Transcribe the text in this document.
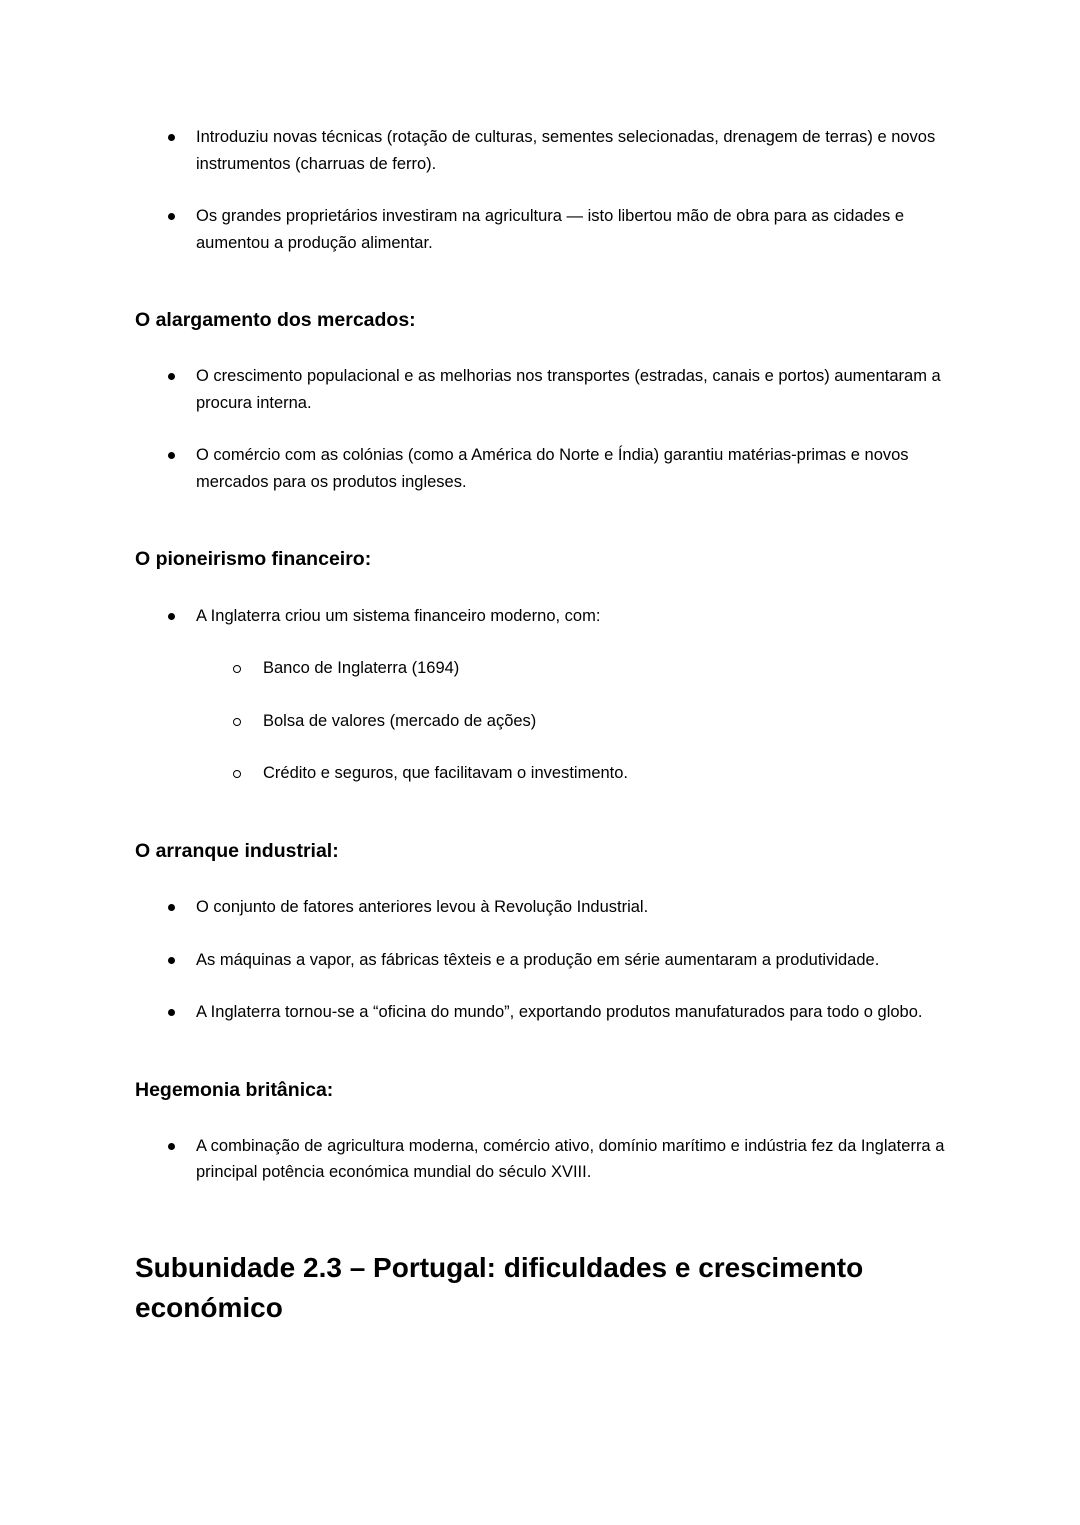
Introduziu novas técnicas (rotação de culturas, sementes selecionadas, drenagem de terras) e novos instrumentos (charruas de ferro).
Os grandes proprietários investiram na agricultura — isto libertou mão de obra para as cidades e aumentou a produção alimentar.
O alargamento dos mercados:
O crescimento populacional e as melhorias nos transportes (estradas, canais e portos) aumentaram a procura interna.
O comércio com as colónias (como a América do Norte e Índia) garantiu matérias-primas e novos mercados para os produtos ingleses.
O pioneirismo financeiro:
A Inglaterra criou um sistema financeiro moderno, com:
Banco de Inglaterra (1694)
Bolsa de valores (mercado de ações)
Crédito e seguros, que facilitavam o investimento.
O arranque industrial:
O conjunto de fatores anteriores levou à Revolução Industrial.
As máquinas a vapor, as fábricas têxteis e a produção em série aumentaram a produtividade.
A Inglaterra tornou-se a “oficina do mundo”, exportando produtos manufaturados para todo o globo.
Hegemonia britânica:
A combinação de agricultura moderna, comércio ativo, domínio marítimo e indústria fez da Inglaterra a principal potência económica mundial do século XVIII.
Subunidade 2.3 – Portugal: dificuldades e crescimento económico
